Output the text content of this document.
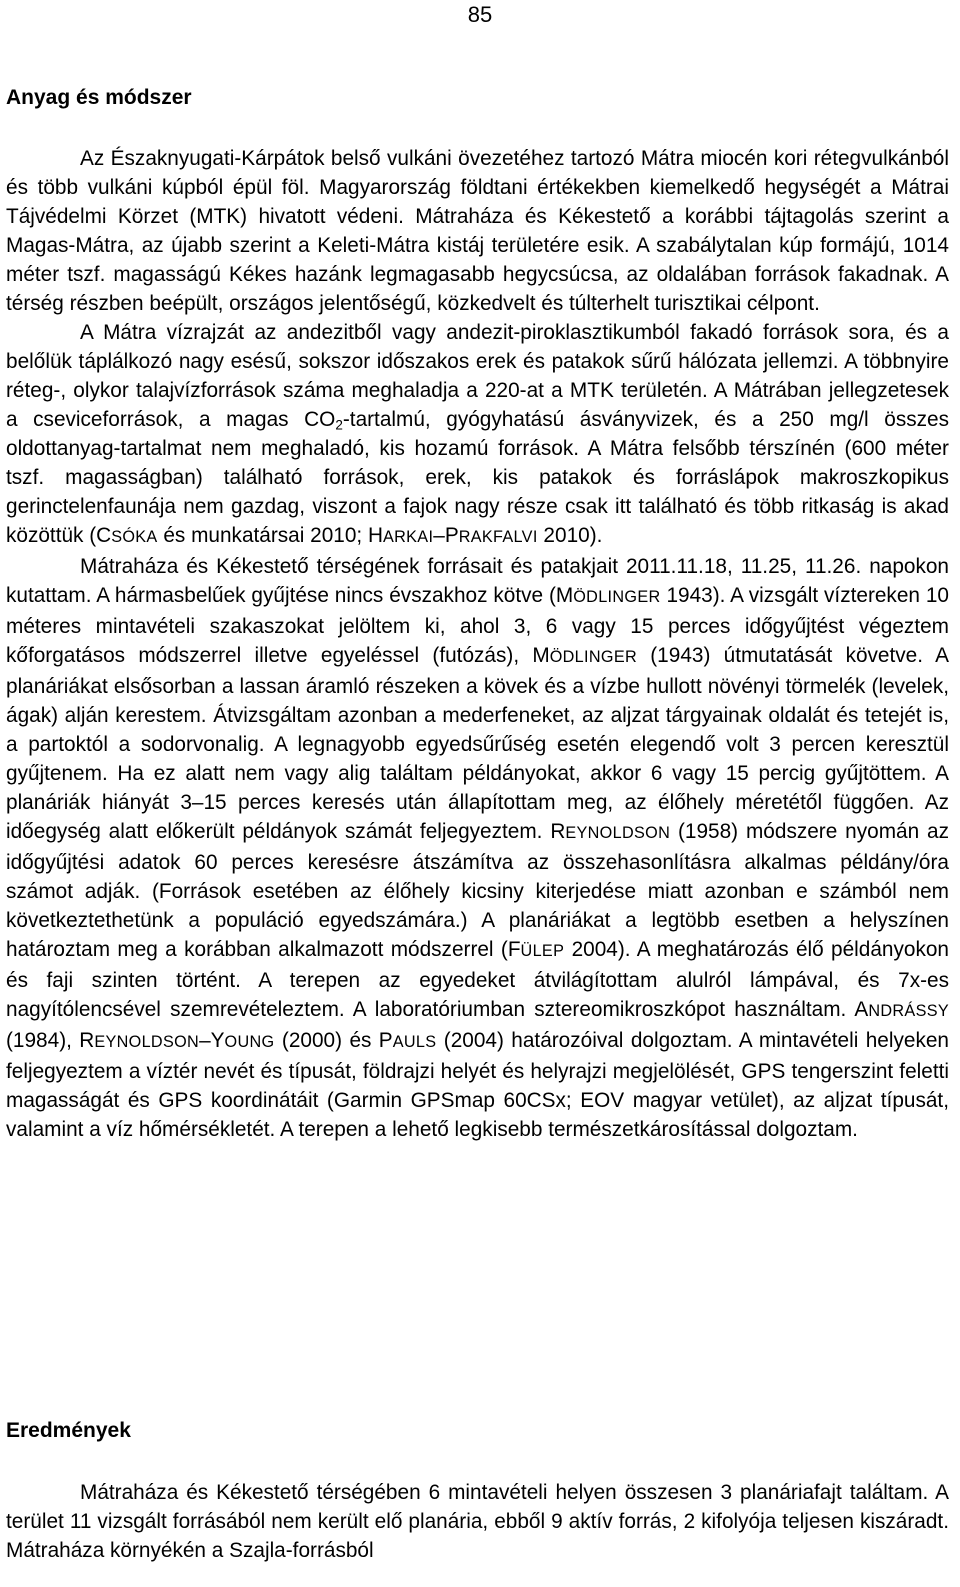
85
Anyag és módszer

Az Északnyugati-Kárpátok belső vulkáni övezetéhez tartozó Mátra miocén kori rétegvulkánból és több vulkáni kúpból épül föl. Magyarország földtani értékekben kiemelkedő hegységét a Mátrai Tájvédelmi Körzet (MTK) hivatott védeni. Mátraháza és Kékestető a korábbi tájtagolás szerint a Magas-Mátra, az újabb szerint a Keleti-Mátra kistáj területére esik. A szabálytalan kúp formájú, 1014 méter tszf. magasságú Kékes hazánk legmagasabb hegycsúcsa, az oldalában források fakadnak. A térség részben beépült, országos jelentőségű, közkedvelt és túlterhelt turisztikai célpont.

A Mátra vízrajzát az andezitből vagy andezit-piroklasztikumból fakadó források sora, és a belőlük táplálkozó nagy esésű, sokszor időszakos erek és patakok sűrű hálózata jellemzi. A többnyire réteg-, olykor talajvízforrások száma meghaladja a 220-at a MTK területén. A Mátrában jellegzetesek a cseviceforrások, a magas $CO_2$-tartalmú, gyógyhatású ásványvizek, és a 250 mg/l összes oldottanyag-tartalmat nem meghaladó, kis hozamú források. A Mátra felsőbb térszínén (600 méter tszf. magasságban) található források, erek, kis patakok és forráslápok makroszkopikus gerinctelenfaunája nem gazdag, viszont a fajok nagy része csak itt található és több ritkaság is akad közöttük (CSÓKA és munkatársai 2010; HARKAI–PRAKFALVI 2010).

Mátraháza és Kékestető térségének forrásait és patakjait 2011.11.18, 11.25, 11.26. napokon kutattam. A hármasbelűek gyűjtése nincs évszakhoz kötve (MÖDLINGER 1943). A vizsgált víztereken 10 méteres mintavételi szakaszokat jelöltem ki, ahol 3, 6 vagy 15 perces időgyűjtést végeztem kőforgatásos módszerrel illetve egyeléssel (futózás), MÖDLINGER (1943) útmutatását követve. A planáriákat elsősorban a lassan áramló részeken a kövek és a vízbe hullott növényi törmelék (levelek, ágak) alján kerestem. Átvizsgáltam azonban a mederfeneket, az aljzat tárgyainak oldalát és tetejét is, a partoktól a sodorvonalig. A legnagyobb egyedsűrűség esetén elegendő volt 3 percen keresztül gyűjtenem. Ha ez alatt nem vagy alig találtam példányokat, akkor 6 vagy 15 percig gyűjtöttem. A planáriák hiányát 3–15 perces keresés után állapítottam meg, az élőhely méretétől függően. Az időegység alatt előkerült példányok számát feljegyeztem. REYNOLDSON (1958) módszere nyomán az időgyűjtési adatok 60 perces keresésre átszámítva az összehasonlításra alkalmas példány/óra számot adják. (Források esetében az élőhely kicsiny kiterjedése miatt azonban e számból nem következtethetünk a populáció egyedszámára.) A planáriákat a legtöbb esetben a helyszínen határoztam meg a korábban alkalmazott módszerrel (FÜLEP 2004). A meghatározás élő példányokon és faji szinten történt. A terepen az egyedeket átvilágítottam alulról lámpával, és 7x-es nagyítólencsével szemrevételeztem. A laboratóriumban sztereomikroszkópot használtam. ANDRÁSSY (1984), REYNOLDSON–YOUNG (2000) és PAULS (2004) határozóival dolgoztam. A mintavételi helyeken feljegyeztem a víztér nevét és típusát, földrajzi helyét és helyrajzi megjelölését, GPS tengerszint feletti magasságát és GPS koordinátáit (Garmin GPSmap 60CSx; EOV magyar vetület), az aljzat típusát, valamint a víz hőmérsékletét. A terepen a lehető legkisebb természetkárosítással dolgoztam.

Eredmények

Mátraháza és Kékestető térségében 6 mintavételi helyen összesen 3 planáriafajt találtam. A terület 11 vizsgált forrásából nem került elő planária, ebből 9 aktív forrás, 2 kifolyója teljesen kiszáradt. Mátraháza környékén a Szajla-forrásból
